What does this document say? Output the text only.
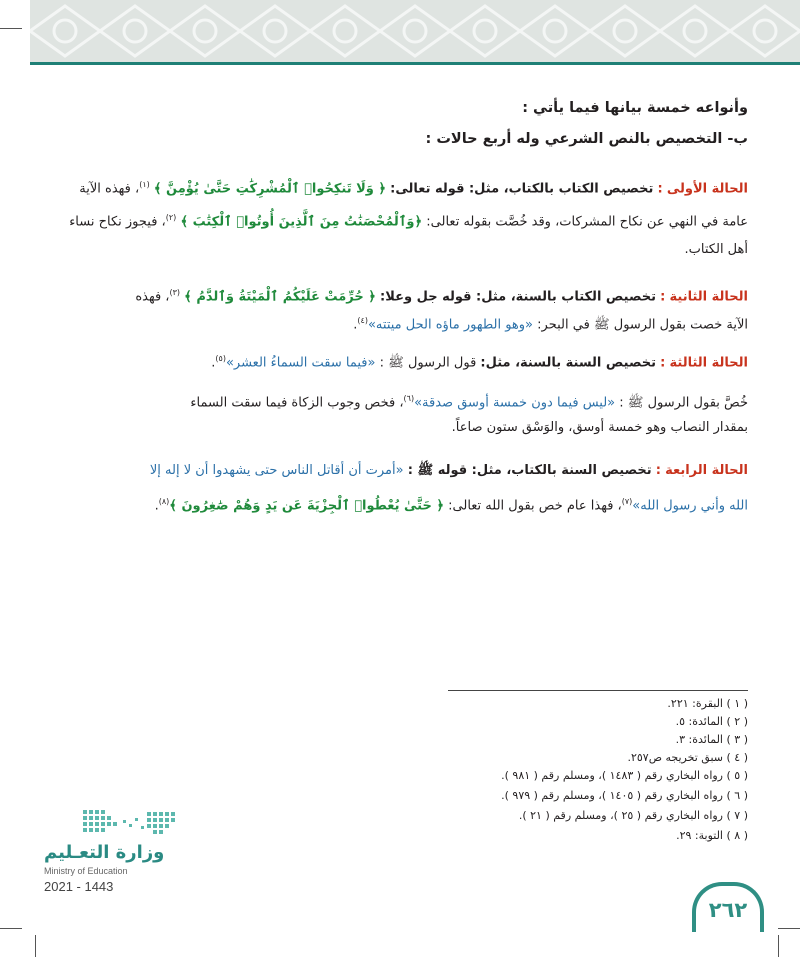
وأنواعه خمسة بيانها فيما يأتي :
ب- التخصيص بالنص الشرعي وله أربع حالات :
الحالة الأولى : تخصيص الكتاب بالكتاب، مثل: قوله تعالى: ﴿ وَلَا تَنكِحُوا۟ ٱلْمُشْرِكَٰتِ حَتَّىٰ يُؤْمِنَّ ﴾ $^{(١)}$، فهذه الآية
عامة في النهي عن نكاح المشركات، وقد خُصَّت بقوله تعالى: ﴿وَٱلْمُحْصَنَٰتُ مِنَ ٱلَّذِينَ أُوتُوا۟ ٱلْكِتَٰبَ ﴾ $^{(٢)}$، فيجوز نكاح نساء
أهل الكتاب.
الحالة الثانية : تخصيص الكتاب بالسنة، مثل: قوله جل وعلا: ﴿ حُرِّمَتْ عَلَيْكُمُ ٱلْمَيْتَةُ وَٱلدَّمُ ﴾ $^{(٣)}$، فهذه
الآية خصت بقول الرسول ﷺ في البحر: «وهو الطهور ماؤه الحل ميتته»$^{(٤)}$.
الحالة الثالثة : تخصيص السنة بالسنة، مثل: قول الرسول ﷺ : «فيما سقت السماءُ العشر»$^{(٥)}$.
خُصَّ بقول الرسول ﷺ : «ليس فيما دون خمسة أوسق صدقة»$^{(٦)}$، فخص وجوب الزكاة فيما سقت السماء
بمقدار النصاب وهو خمسة أوسق، والوَسْق ستون صاعاً.
الحالة الرابعة : تخصيص السنة بالكتاب، مثل: قوله ﷺ : «أمرت أن أقاتل الناس حتى يشهدوا أن لا إله إلا
الله وأني رسول الله»$^{(٧)}$، فهذا عام خص بقول الله تعالى: ﴿ حَتَّىٰ يُعْطُوا۟ ٱلْجِزْيَةَ عَن يَدٍ وَهُمْ صَٰغِرُونَ ﴾$^{(٨)}$.
( ١ ) البقرة: ٢٢١.
( ٢ ) المائدة: ٥.
( ٣ ) المائدة: ٣.
( ٤ ) سبق تخريجه ص٢٥٧.
( ٥ ) رواه البخاري رقم ( ١٤٨٣ )، ومسلم رقم ( ٩٨١ ).
( ٦ ) رواه البخاري رقم ( ١٤٠٥ )، ومسلم رقم ( ٩٧٩ ).
( ٧ ) رواه البخاري رقم ( ٢٥ )، ومسلم رقم ( ٢١ ).
( ٨ ) التوبة: ٢٩.
وزارة التعـليم
Ministry of Education
2021 - 1443
٢٦٢
